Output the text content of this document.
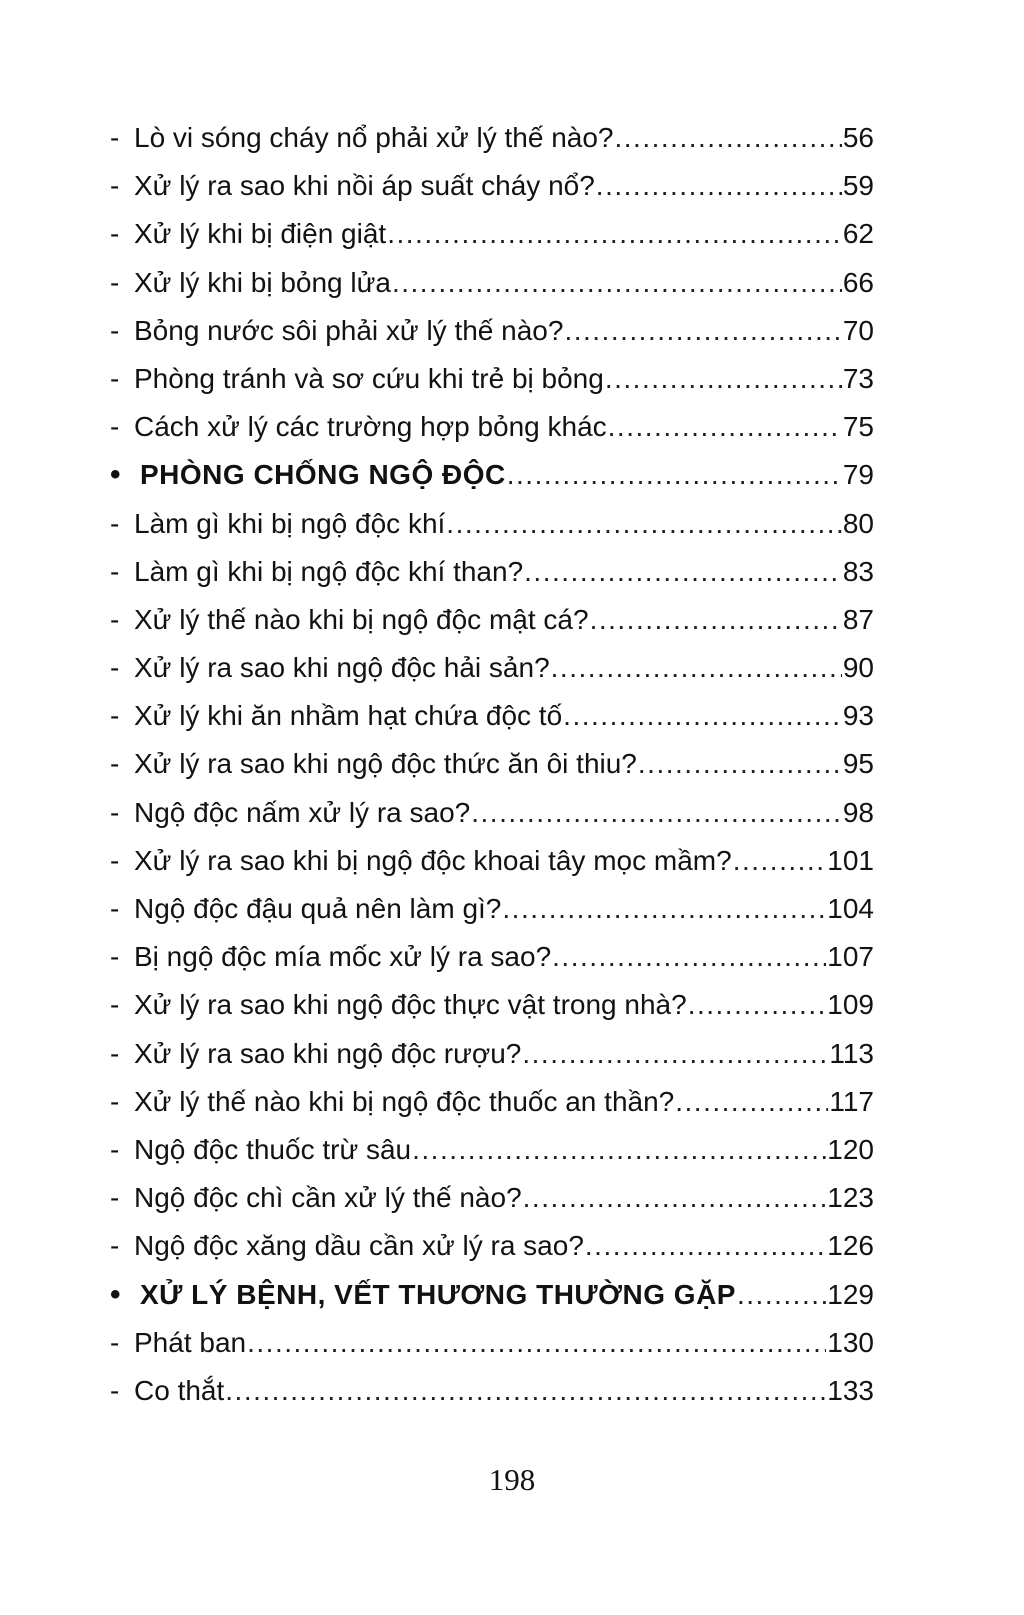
- Lò vi sóng cháy nổ phải xử lý thế nào? .....	56
- Xử lý ra sao khi nồi áp suất cháy nổ? .....	59
- Xử lý khi bị điện giật .....	62
- Xử lý khi bị bỏng lửa .....	66
- Bỏng nước sôi phải xử lý thế nào? .....	70
- Phòng tránh và sơ cứu khi trẻ bị bỏng .....	73
- Cách xử lý các trường hợp bỏng khác .....	75
• PHÒNG CHỐNG NGỘ ĐỘC .....	79
- Làm gì khi bị ngộ độc khí .....	80
- Làm gì khi bị ngộ độc khí than? .....	83
- Xử lý thế nào khi bị ngộ độc mật cá? .....	87
- Xử lý ra sao khi ngộ độc hải sản? .....	90
- Xử lý khi ăn nhầm hạt chứa độc tố .....	93
- Xử lý ra sao khi ngộ độc thức ăn ôi thiu? .....	95
- Ngộ độc nấm xử lý ra sao? .....	98
- Xử lý ra sao khi bị ngộ độc khoai tây mọc mầm? .....	101
- Ngộ độc đậu quả nên làm gì? .....	104
- Bị ngộ độc mía mốc xử lý ra sao? .....	107
- Xử lý ra sao khi ngộ độc thực vật trong nhà? .....	109
- Xử lý ra sao khi ngộ độc rượu? .....	113
- Xử lý thế nào khi bị ngộ độc thuốc an thần? .....	117
- Ngộ độc thuốc trừ sâu .....	120
- Ngộ độc chì cần xử lý thế nào? .....	123
- Ngộ độc xăng dầu cần xử lý ra sao? .....	126
• XỬ LÝ BỆNH, VẾT THƯƠNG THƯỜNG GẶP .....	129
- Phát ban .....	130
- Co thắt .....	133
198
